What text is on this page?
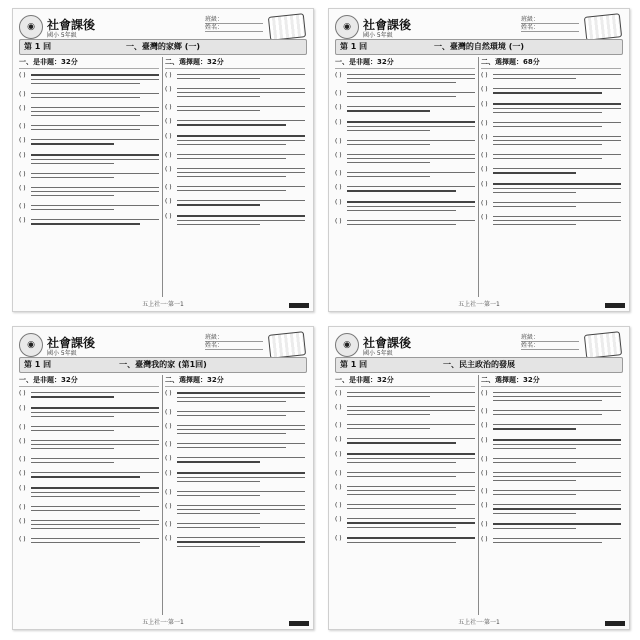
◉	社會課後
國小 5年級
班級：
姓名：
第 1 回	一、臺灣的家鄉 (一)
一、是非題：32分
( )
( )
( )
( )
( )
( )
( )
( )
( )
( )
二、選擇題：32分
( )
( )
( )
( )
( )
( )
( )
( )
( )
( )
五上社一·第一1
◉	社會課後
國小 5年級
班級：
姓名：
第 1 回	一、臺灣的自然環境 (一)
一、是非題：32分
( )
( )
( )
( )
( )
( )
( )
( )
( )
( )
二、選擇題：68分
( )
( )
( )
( )
( )
( )
( )
( )
( )
( )
五上社一·第一1
◉	社會課後
國小 5年級
班級：
姓名：
第 1 回	一、臺灣我的家 (第1回)
一、是非題：32分
( )
( )
( )
( )
( )
( )
( )
( )
( )
( )
二、選擇題：32分
( )
( )
( )
( )
( )
( )
( )
( )
( )
( )
五上社一·第一1
◉	社會課後
國小 5年級
班級：
姓名：
第 1 回	一、民主政治的發展
一、是非題：32分
( )
( )
( )
( )
( )
( )
( )
( )
( )
( )
二、選擇題：32分
( )
( )
( )
( )
( )
( )
( )
( )
( )
( )
五上社一·第一1
